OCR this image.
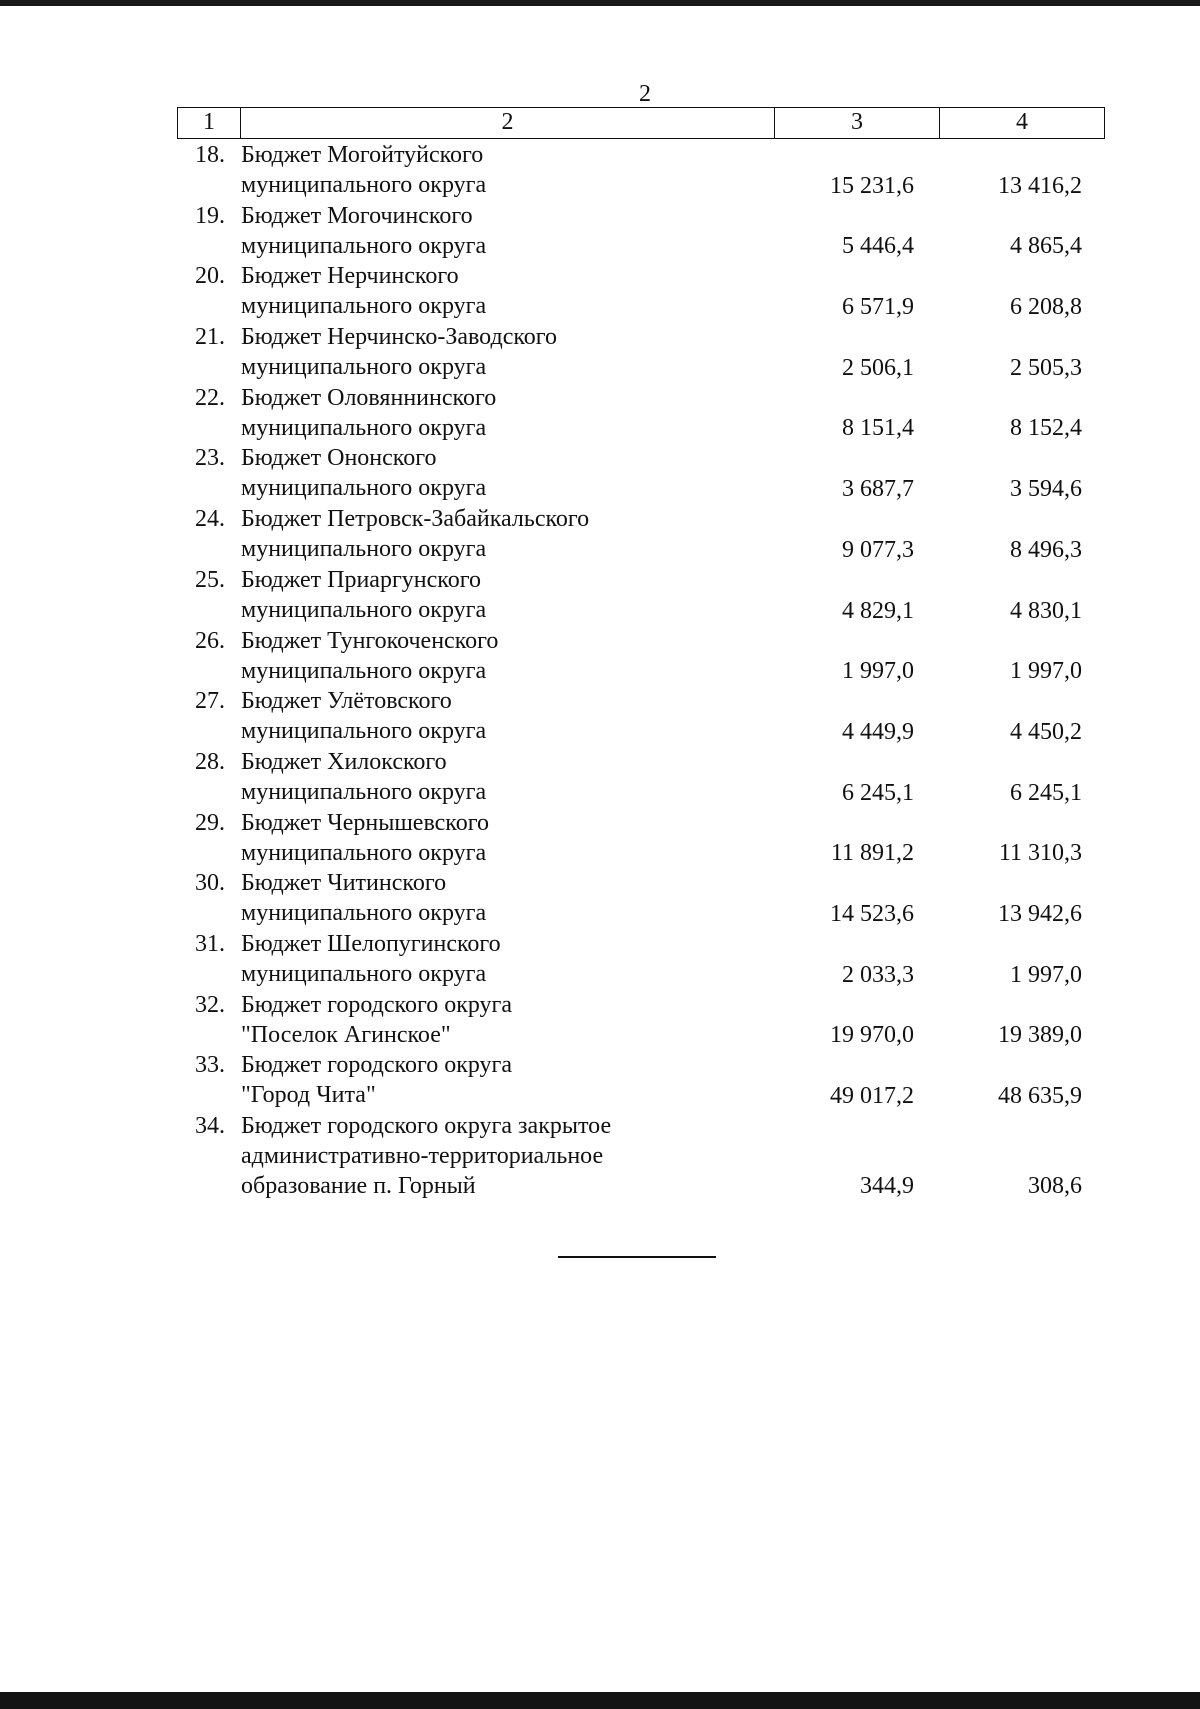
2
1	2	3	4
18. Бюджет Могойтуйского
муниципального округа	15 231,6	13 416,2
19. Бюджет Могочинского
муниципального округа	5 446,4	4 865,4
20. Бюджет Нерчинского
муниципального округа	6 571,9	6 208,8
21. Бюджет Нерчинско-Заводского
муниципального округа	2 506,1	2 505,3
22. Бюджет Оловяннинского
муниципального округа	8 151,4	8 152,4
23. Бюджет Ононского
муниципального округа	3 687,7	3 594,6
24. Бюджет Петровск-Забайкальского
муниципального округа	9 077,3	8 496,3
25. Бюджет Приаргунского
муниципального округа	4 829,1	4 830,1
26. Бюджет Тунгокоченского
муниципального округа	1 997,0	1 997,0
27. Бюджет Улётовского
муниципального округа	4 449,9	4 450,2
28. Бюджет Хилокского
муниципального округа	6 245,1	6 245,1
29. Бюджет Чернышевского
муниципального округа	11 891,2	11 310,3
30. Бюджет Читинского
муниципального округа	14 523,6	13 942,6
31. Бюджет Шелопугинского
муниципального округа	2 033,3	1 997,0
32. Бюджет городского округа
"Поселок Агинское"	19 970,0	19 389,0
33. Бюджет городского округа
"Город Чита"	49 017,2	48 635,9
34. Бюджет городского округа закрытое
административно-территориальное
образование п. Горный	344,9	308,6
